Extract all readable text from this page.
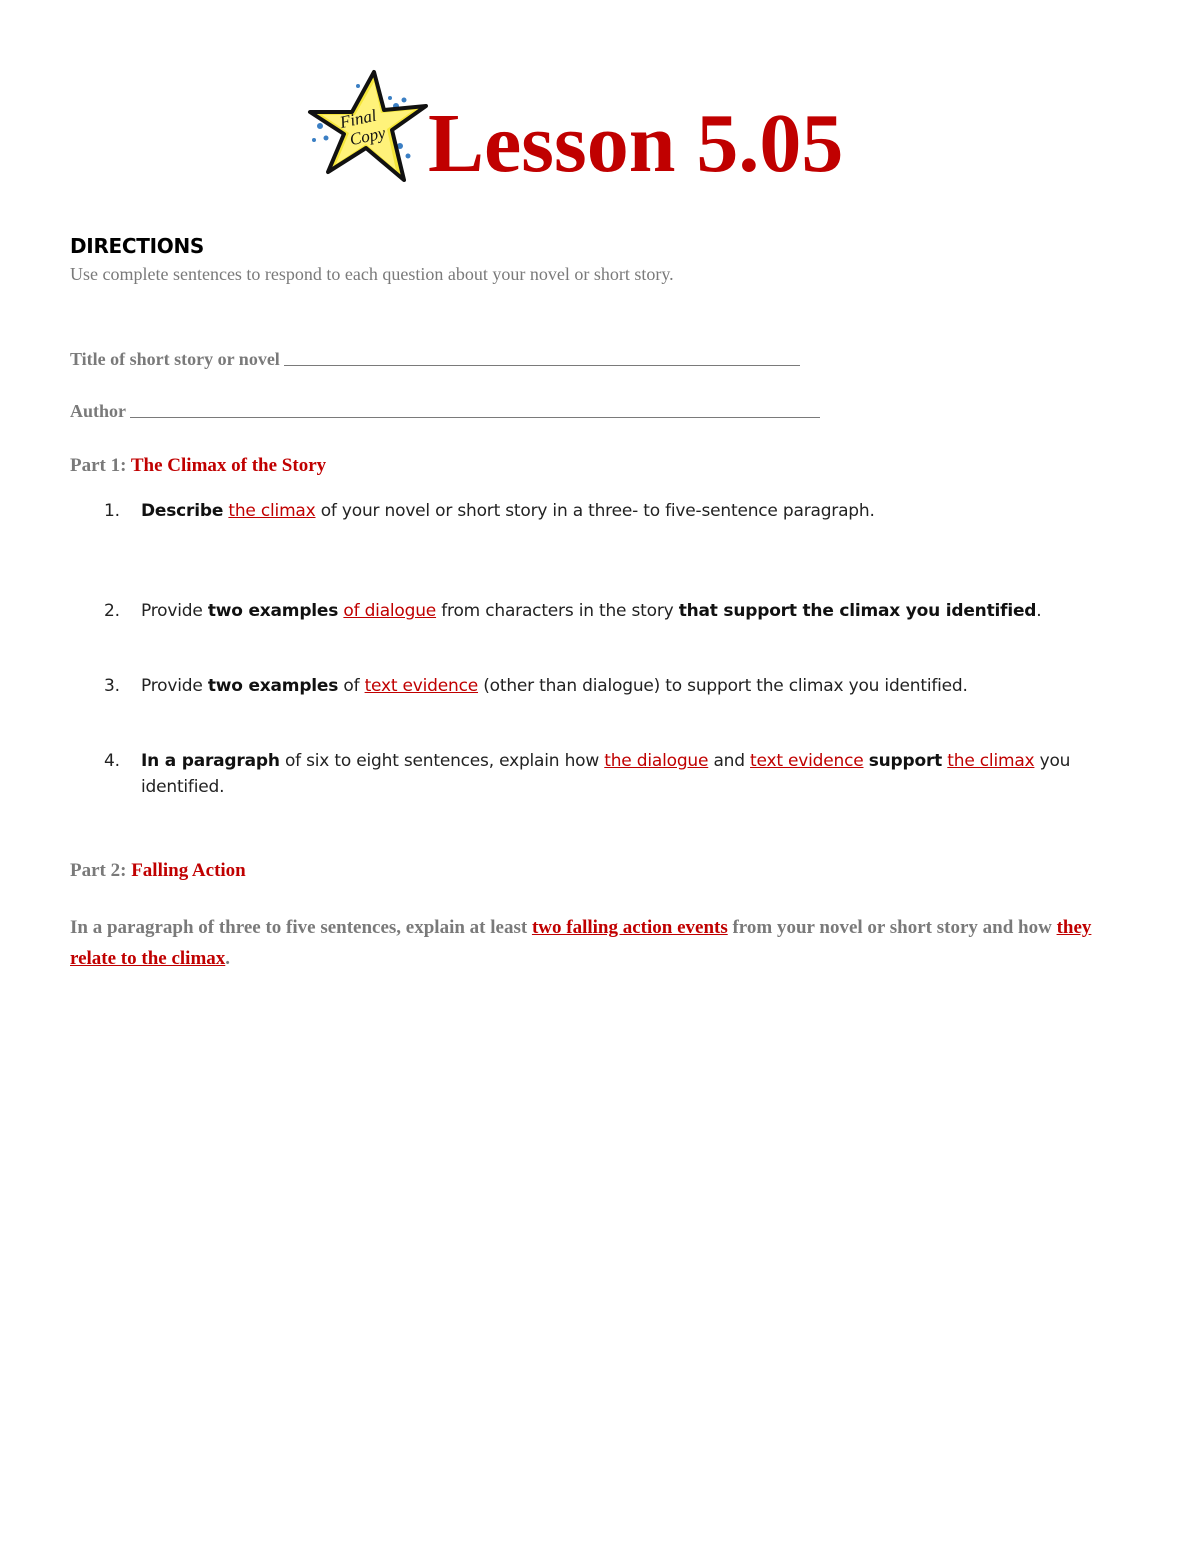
Final
Copy Lesson 5.05
DIRECTIONS
Use complete sentences to respond to each question about your novel or short story.
Title of short story or novel
Author
Part 1: The Climax of the Story
1.	Describe the climax of your novel or short story in a three- to five-sentence paragraph.
2.	Provide two examples of dialogue from characters in the story that support the climax you identified.
3.	Provide two examples of text evidence (other than dialogue) to support the climax you identified.
4.	In a paragraph of six to eight sentences, explain how the dialogue and text evidence support the climax you identified.
Part 2: Falling Action
In a paragraph of three to five sentences, explain at least two falling action events from your novel or short story and how they relate to the climax.
